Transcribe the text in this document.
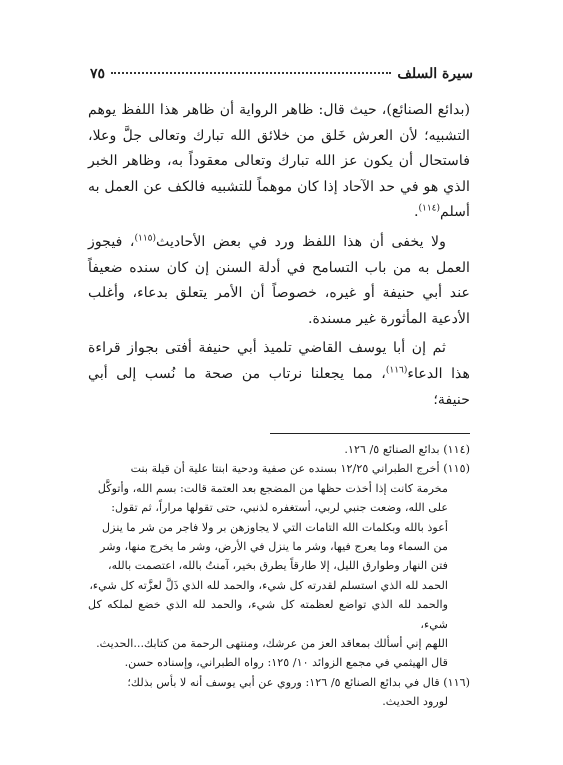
سيرة السلف
٧٥

(بدائع الصنائع)، حيث قال: ظاهر الرواية أن ظاهر هذا اللفظ يوهم التشبيه؛ لأن العرش خَلق من خلائق الله تبارك وتعالى جلَّ وعلا، فاستحال أن يكون عز الله تبارك وتعالى معقوداً به، وظاهر الخبر الذي هو في حد الآحاد إذا كان موهماً للتشبيه فالكف عن العمل به أسلم$^{(١١٤)}$.

ولا يخفى أن هذا اللفظ ورد في بعض الأحاديث$^{(١١٥)}$، فيجوز العمل به من باب التسامح في أدلة السنن إن كان سنده ضعيفاً عند أبي حنيفة أو غيره، خصوصاً أن الأمر يتعلق بدعاء، وأغلب الأدعية المأثورة غير مسندة.

ثم إن أبا يوسف القاضي تلميذ أبي حنيفة أفتى بجواز قراءة هذا الدعاء$^{(١١٦)}$، مما يجعلنا نرتاب من صحة ما نُسب إلى أبي حنيفة؛

(١١٤) بدائع الصنائع ٥/ ١٢٦.

(١١٥) أخرج الطبراني ١٢/٢٥ بسنده عن صفية ودحية ابنتا علية أن قيلة بنت

مخرمة كانت إذا أخذت حظها من المضجع بعد العتمة قالت: بسم الله، وأتوكَّل

على الله، وضعت جنبي لربي، أستغفره لذنبي، حتى تقولها مراراً، ثم تقول:

أعوذ بالله وبكلمات الله التامات التي لا يجاوزهن بر ولا فاجر من شر ما ينزل

من السماء وما يعرج فيها، وشر ما ينزل في الأرض، وشر ما يخرج منها، وشر

فتن النهار وطوارق الليل، إلا طارقاً يطرق بخير، آمنتُ بالله، اعتصمت بالله،

الحمد لله الذي استسلم لقدرته كل شيء، والحمد لله الذي ذَلَّ لعزَّته كل شيء،

والحمد لله الذي تواضع لعظمته كل شيء، والحمد لله الذي خضع لملكه كل شيء،

اللهم إني أسألك بمعاقد العز من عرشك، ومنتهى الرحمة من كتابك...الحديث.

قال الهيثمي في مجمع الزوائد ١٠/ ١٢٥: رواه الطبراني، وإسناده حسن.

(١١٦) قال في بدائع الصنائع ٥/ ١٢٦: وروي عن أبي يوسف أنه لا بأس بذلك؛

لورود الحديث.
